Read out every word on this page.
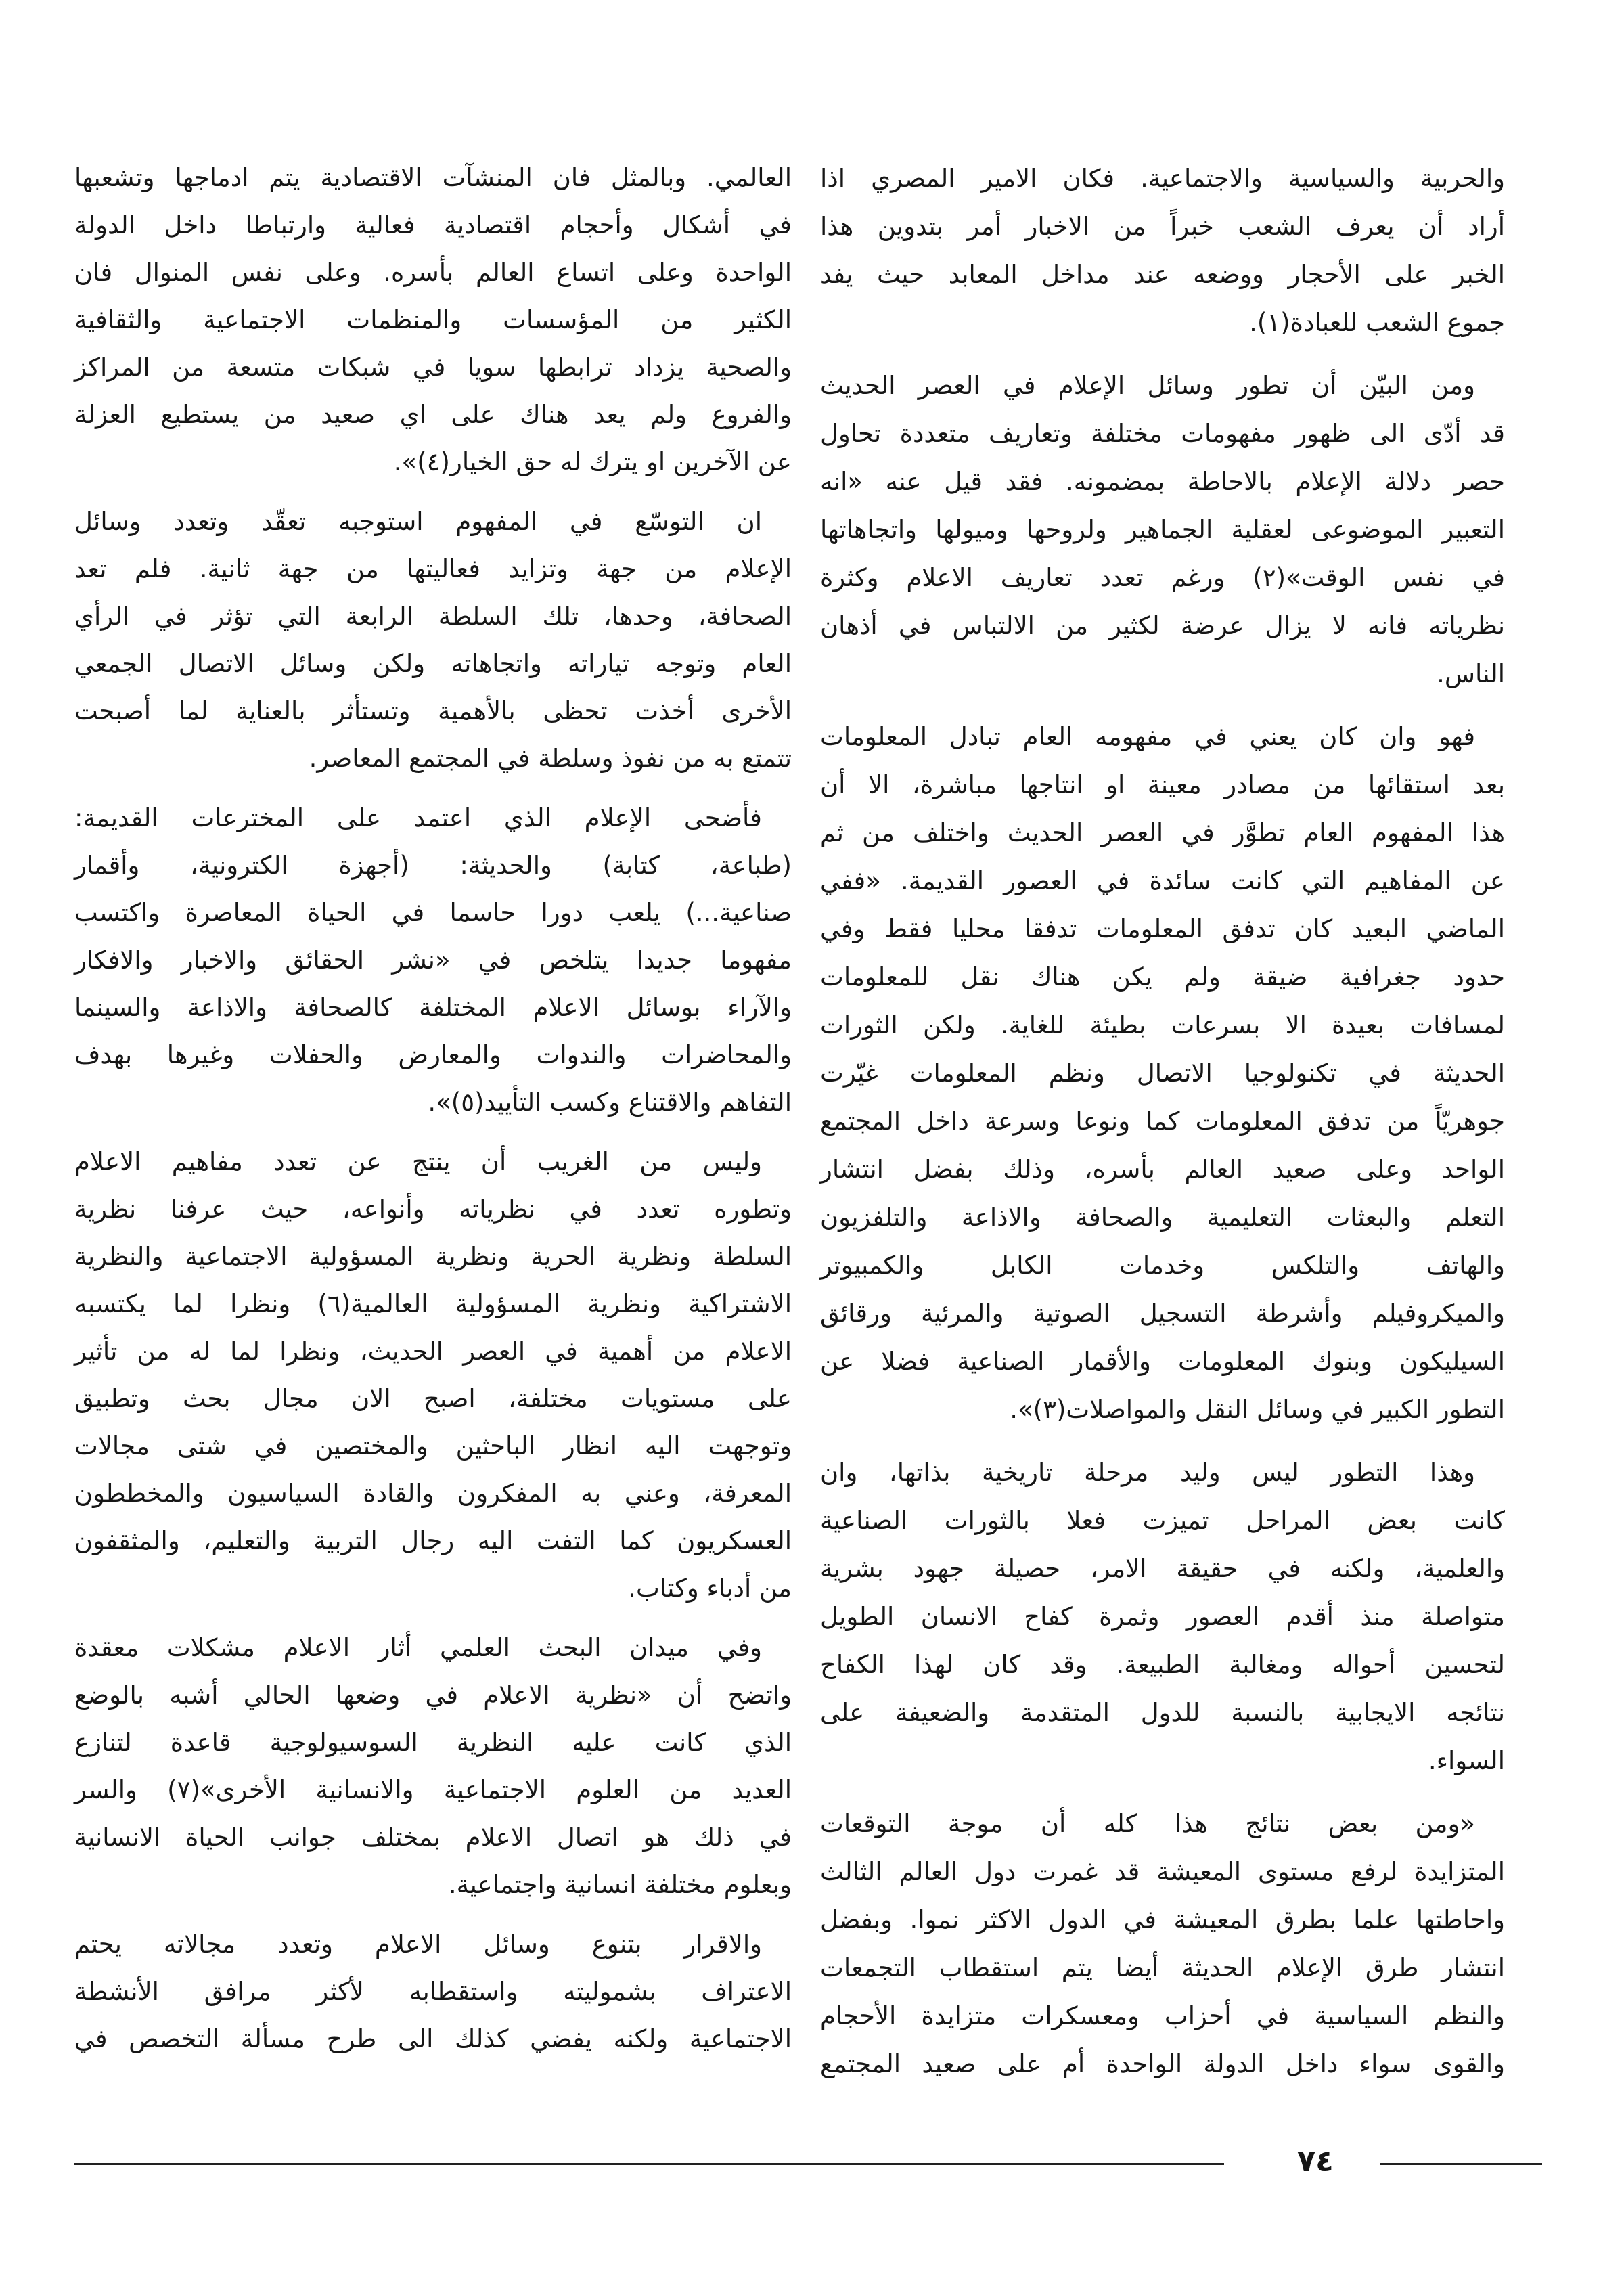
والحربية والسياسية والاجتماعية. فكان الامير المصري اذا
أراد أن يعرف الشعب خبراً من الاخبار أمر بتدوين هذا
الخبر على الأحجار ووضعه عند مداخل المعابد حيث يفد
جموع الشعب للعبادة(١).
ومن البيّن أن تطور وسائل الإعلام في العصر الحديث
قد أدّى الى ظهور مفهومات مختلفة وتعاريف متعددة تحاول
حصر دلالة الإعلام بالاحاطة بمضمونه. فقد قيل عنه «انه
التعبير الموضوعى لعقلية الجماهير ولروحها وميولها واتجاهاتها
في نفس الوقت»(٢) ورغم تعدد تعاريف الاعلام وكثرة
نظرياته فانه لا يزال عرضة لكثير من الالتباس في أذهان
الناس.
فهو وان كان يعني في مفهومه العام تبادل المعلومات
بعد استقائها من مصادر معينة او انتاجها مباشرة، الا أن
هذا المفهوم العام تطوَّر في العصر الحديث واختلف من ثم
عن المفاهيم التي كانت سائدة في العصور القديمة. «ففي
الماضي البعيد كان تدفق المعلومات تدفقا محليا فقط وفي
حدود جغرافية ضيقة ولم يكن هناك نقل للمعلومات
لمسافات بعيدة الا بسرعات بطيئة للغاية. ولكن الثورات
الحديثة في تكنولوجيا الاتصال ونظم المعلومات غيّرت
جوهريّاً من تدفق المعلومات كما ونوعا وسرعة داخل المجتمع
الواحد وعلى صعيد العالم بأسره، وذلك بفضل انتشار
التعلم والبعثات التعليمية والصحافة والاذاعة والتلفزيون
والهاتف والتلكس وخدمات الكابل والكمبيوتر
والميكروفيلم وأشرطة التسجيل الصوتية والمرئية ورقائق
السيليكون وبنوك المعلومات والأقمار الصناعية فضلا عن
التطور الكبير في وسائل النقل والمواصلات(٣)».
وهذا التطور ليس وليد مرحلة تاريخية بذاتها، وان
كانت بعض المراحل تميزت فعلا بالثورات الصناعية
والعلمية، ولكنه في حقيقة الامر، حصيلة جهود بشرية
متواصلة منذ أقدم العصور وثمرة كفاح الانسان الطويل
لتحسين أحواله ومغالبة الطبيعة. وقد كان لهذا الكفاح
نتائجه الايجابية بالنسبة للدول المتقدمة والضعيفة على
السواء.
«ومن بعض نتائج هذا كله أن موجة التوقعات
المتزايدة لرفع مستوى المعيشة قد غمرت دول العالم الثالث
واحاطتها علما بطرق المعيشة في الدول الاكثر نموا. وبفضل
انتشار طرق الإعلام الحديثة أيضا يتم استقطاب التجمعات
والنظم السياسية في أحزاب ومعسكرات متزايدة الأحجام
والقوى سواء داخل الدولة الواحدة أم على صعيد المجتمع
العالمي. وبالمثل فان المنشآت الاقتصادية يتم ادماجها وتشعبها
في أشكال وأحجام اقتصادية فعالية وارتباطا داخل الدولة
الواحدة وعلى اتساع العالم بأسره. وعلى نفس المنوال فان
الكثير من المؤسسات والمنظمات الاجتماعية والثقافية
والصحية يزداد ترابطها سويا في شبكات متسعة من المراكز
والفروع ولم يعد هناك على اي صعيد من يستطيع العزلة
عن الآخرين او يترك له حق الخيار(٤)».
ان التوسّع في المفهوم استوجبه تعقّد وتعدد وسائل
الإعلام من جهة وتزايد فعاليتها من جهة ثانية. فلم تعد
الصحافة، وحدها، تلك السلطة الرابعة التي تؤثر في الرأي
العام وتوجه تياراته واتجاهاته ولكن وسائل الاتصال الجمعي
الأخرى أخذت تحظى بالأهمية وتستأثر بالعناية لما أصبحت
تتمتع به من نفوذ وسلطة في المجتمع المعاصر.
فأضحى الإعلام الذي اعتمد على المخترعات القديمة:
(طباعة، كتابة) والحديثة: (أجهزة الكترونية، وأقمار
صناعية...) يلعب دورا حاسما في الحياة المعاصرة واكتسب
مفهوما جديدا يتلخص في «نشر الحقائق والاخبار والافكار
والآراء بوسائل الاعلام المختلفة كالصحافة والاذاعة والسينما
والمحاضرات والندوات والمعارض والحفلات وغيرها بهدف
التفاهم والاقتناع وكسب التأييد(٥)».
وليس من الغريب أن ينتج عن تعدد مفاهيم الاعلام
وتطوره تعدد في نظرياته وأنواعه، حيث عرفنا نظرية
السلطة ونظرية الحرية ونظرية المسؤولية الاجتماعية والنظرية
الاشتراكية ونظرية المسؤولية العالمية(٦) ونظرا لما يكتسبه
الاعلام من أهمية في العصر الحديث، ونظرا لما له من تأثير
على مستويات مختلفة، اصبح الان مجال بحث وتطبيق
وتوجهت اليه انظار الباحثين والمختصين في شتى مجالات
المعرفة، وعني به المفكرون والقادة السياسيون والمخططون
العسكريون كما التفت اليه رجال التربية والتعليم، والمثقفون
من أدباء وكتاب.
وفي ميدان البحث العلمي أثار الاعلام مشكلات معقدة
واتضح أن «نظرية الاعلام في وضعها الحالي أشبه بالوضع
الذي كانت عليه النظرية السوسيولوجية قاعدة لتنازع
العديد من العلوم الاجتماعية والانسانية الأخرى»(٧) والسر
في ذلك هو اتصال الاعلام بمختلف جوانب الحياة الانسانية
وبعلوم مختلفة انسانية واجتماعية.
والاقرار بتنوع وسائل الاعلام وتعدد مجالاته يحتم
الاعتراف بشموليته واستقطابه لأكثر مرافق الأنشطة
الاجتماعية ولكنه يفضي كذلك الى طرح مسألة التخصص في
٧٤
